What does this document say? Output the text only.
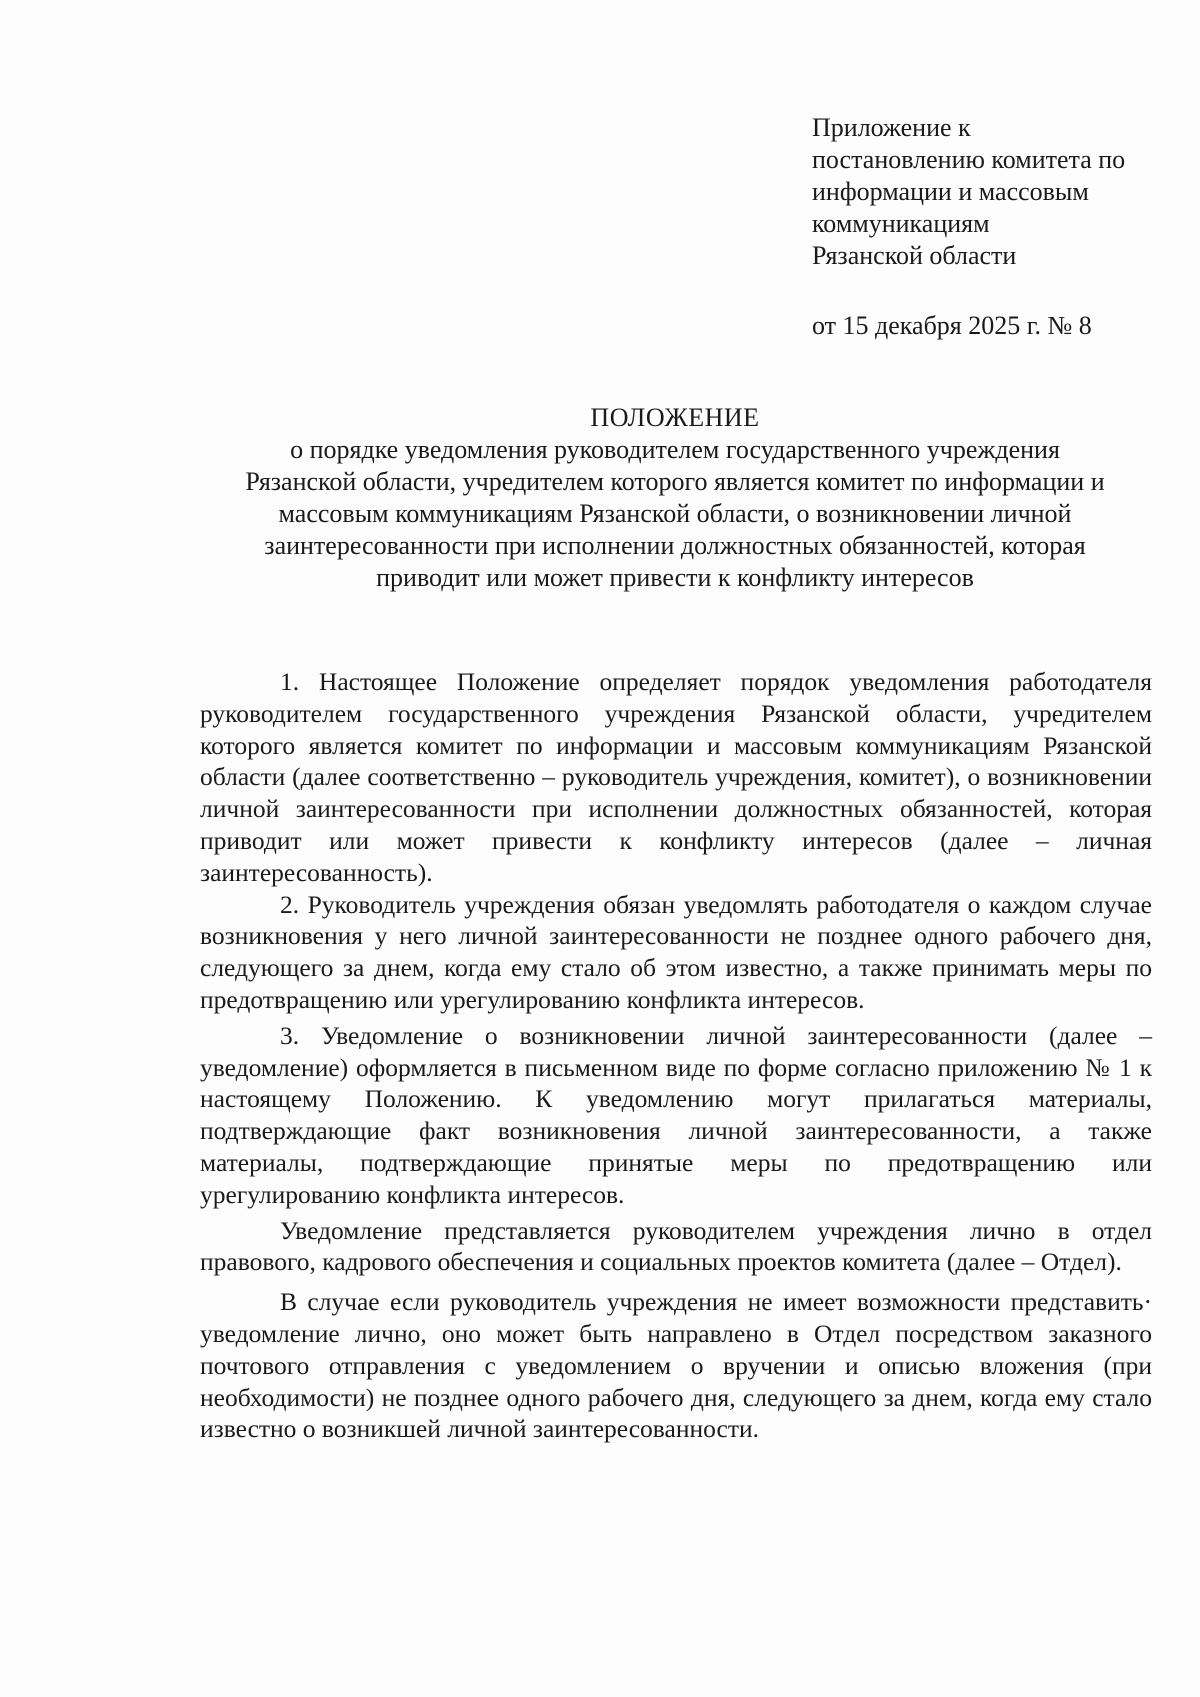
Приложение к
постановлению комитета по
информации и массовым
коммуникациям
Рязанской области
от 15 декабря 2025 г. № 8
ПОЛОЖЕНИЕ
о порядке уведомления руководителем государственного учреждения
Рязанской области, учредителем которого является комитет по информации и
массовым коммуникациям Рязанской области, о возникновении личной
заинтересованности при исполнении должностных обязанностей, которая
приводит или может привести к конфликту интересов

1. Настоящее Положение определяет порядок уведомления работодателя руководителем государственного учреждения Рязанской области, учредителем которого является комитет по информации и массовым коммуникациям Рязанской области (далее соответственно – руководитель учреждения, комитет), о возникновении личной заинтересованности при исполнении должностных обязанностей, которая приводит или может привести к конфликту интересов (далее – личная заинтересованность).

2. Руководитель учреждения обязан уведомлять работодателя о каждом случае возникновения у него личной заинтересованности не позднее одного рабочего дня, следующего за днем, когда ему стало об этом известно, а также принимать меры по предотвращению или урегулированию конфликта интересов.

3. Уведомление о возникновении личной заинтересованности (далее – уведомление) оформляется в письменном виде по форме согласно приложению № 1 к настоящему Положению. К уведомлению могут прилагаться материалы, подтверждающие факт возникновения личной заинтересованности, а также материалы, подтверждающие принятые меры по предотвращению или урегулированию конфликта интересов.

Уведомление представляется руководителем учреждения лично в отдел правового, кадрового обеспечения и социальных проектов комитета (далее – Отдел).

В случае если руководитель учреждения не имеет возможности представить· уведомление лично, оно может быть направлено в Отдел посредством заказного почтового отправления с уведомлением о вручении и описью вложения (при необходимости) не позднее одного рабочего дня, следующего за днем, когда ему стало известно о возникшей личной заинтересованности.
